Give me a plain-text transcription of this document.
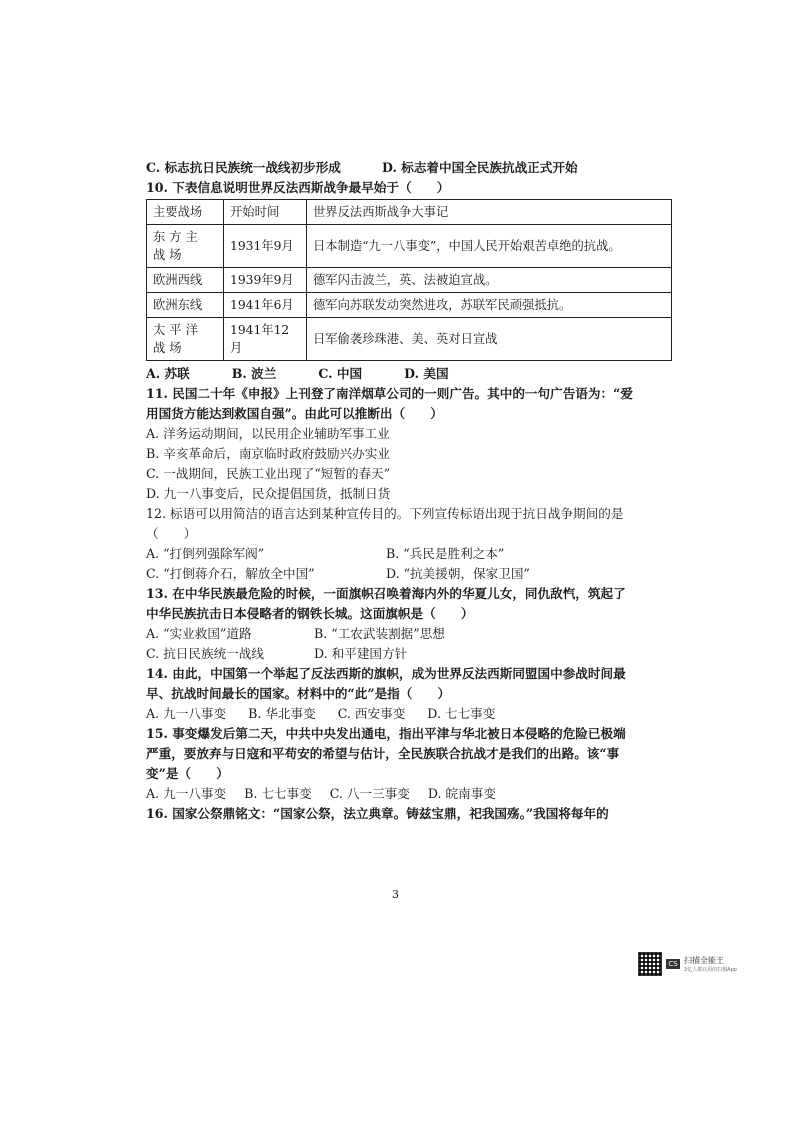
C. 标志抗日民族统一战线初步形成	D. 标志着中国全民族抗战正式开始
10. 下表信息说明世界反法西斯战争最早始于（　　）
主要战场	开始时间	世界反法西斯战争大事记
东方主战场	1931年9月	日本制造“九一八事变”，中国人民开始艰苦卓绝的抗战。
欧洲西线	1939年9月	德军闪击波兰，英、法被迫宣战。
欧洲东线	1941年6月	德军向苏联发动突然进攻，苏联军民顽强抵抗。
太平洋战场	1941年12月	日军偷袭珍珠港、美、英对日宣战
A. 苏联	B. 波兰	C. 中国	D. 美国
11. 民国二十年《申报》上刊登了南洋烟草公司的一则广告。其中的一句广告语为：“爱
用国货方能达到救国自强”。由此可以推断出（　　）
A. 洋务运动期间，以民用企业辅助军事工业
B. 辛亥革命后，南京临时政府鼓励兴办实业
C. 一战期间，民族工业出现了“短暂的春天”
D. 九一八事变后，民众提倡国货，抵制日货
12. 标语可以用简洁的语言达到某种宣传目的。下列宣传标语出现于抗日战争期间的是
（　　）
A. “打倒列强除军阀”	B. “兵民是胜利之本”
C. “打倒蒋介石，解放全中国”	D. “抗美援朝，保家卫国”
13. 在中华民族最危险的时候，一面旗帜召唤着海内外的华夏儿女，同仇敌忾，筑起了
中华民族抗击日本侵略者的钢铁长城。这面旗帜是（　　）
A. “实业救国”道路	B. “工农武装割据”思想
C. 抗日民族统一战线	D. 和平建国方针
14. 由此，中国第一个举起了反法西斯的旗帜，成为世界反法西斯同盟国中参战时间最
早、抗战时间最长的国家。材料中的“此”是指（　　）
A. 九一八事变 B. 华北事变 C. 西安事变 D. 七七事变
15. 事变爆发后第二天，中共中央发出通电，指出平津与华北被日本侵略的危险已极端
严重，要放弃与日寇和平苟安的希望与估计，全民族联合抗战才是我们的出路。该“事
变”是（　　）
A. 九一八事变 B. 七七事变 C. 八一三事变 D. 皖南事变
16. 国家公祭鼎铭文：“国家公祭，法立典章。铸兹宝鼎，祀我国殇。”我国将每年的
3
CS 扫描全能王
3亿人都在用的扫描App
